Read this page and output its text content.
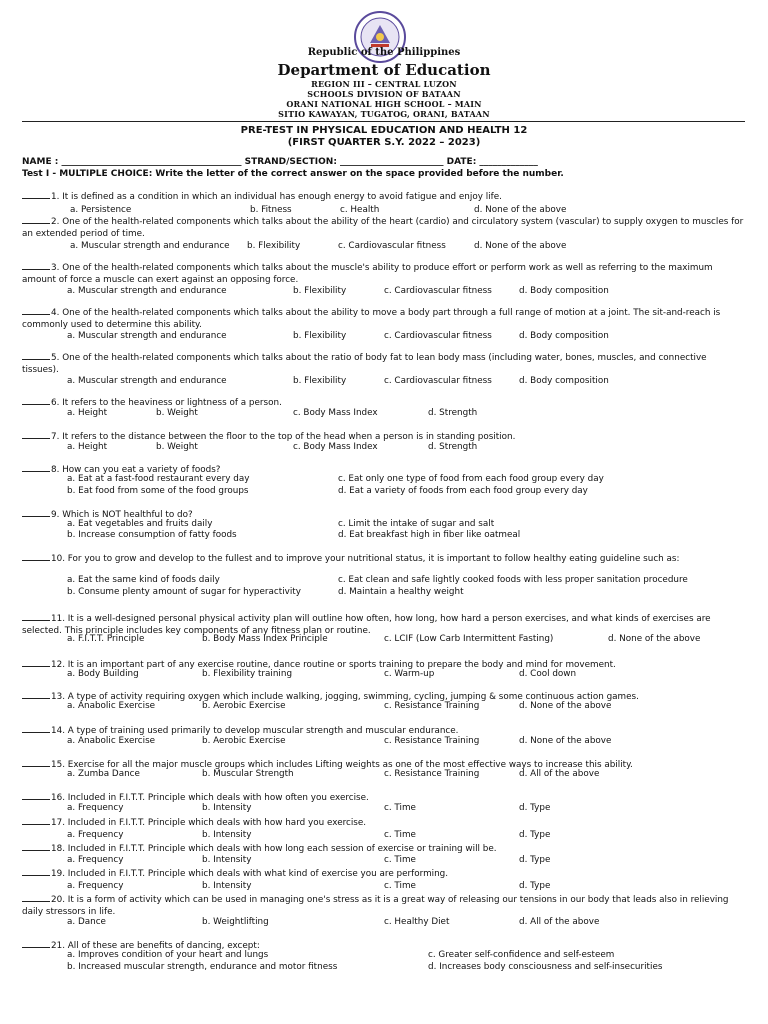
Republic of the Philippines
Department of Education
REGION III – CENTRAL LUZON
SCHOOLS DIVISION OF BATAAN
ORANI NATIONAL HIGH SCHOOL – MAIN
SITIO KAWAYAN, TUGATOG, ORANI, BATAAN
PRE-TEST IN PHYSICAL EDUCATION AND HEALTH 12
(FIRST QUARTER S.Y. 2022 – 2023)
NAME : ________________________________________ STRAND/SECTION: _______________________ DATE: _____________
Test I - MULTIPLE CHOICE: Write the letter of the correct answer on the space provided before the number.
1. It is defined as a condition in which an individual has enough energy to avoid fatigue and enjoy life.
a. Persistence	b. Fitness	c. Health	d. None of the above
2. One of the health-related components which talks about the ability of the heart (cardio) and circulatory system (vascular) to supply oxygen to muscles for an extended period of time.
a. Muscular strength and endurance b. Flexibility	c. Cardiovascular fitness	d. None of the above
3. One of the health-related components which talks about the muscle's ability to produce effort or perform work as well as referring to the maximum amount of force a muscle can exert against an opposing force.
a. Muscular strength and endurance	b. Flexibility	c. Cardiovascular fitness	d. Body composition
4. One of the health-related components which talks about the ability to move a body part through a full range of motion at a joint. The sit-and-reach is commonly used to determine this ability.
a. Muscular strength and endurance	b. Flexibility	c. Cardiovascular fitness	d. Body composition
5. One of the health-related components which talks about the ratio of body fat to lean body mass (including water, bones, muscles, and connective tissues).
a. Muscular strength and endurance	b. Flexibility	c. Cardiovascular fitness	d. Body composition
6. It refers to the heaviness or lightness of a person.
a. Height	b. Weight	c. Body Mass Index	d. Strength
7. It refers to the distance between the floor to the top of the head when a person is in standing position.
a. Height	b. Weight	c. Body Mass Index	d. Strength
8. How can you eat a variety of foods?
a. Eat at a fast-food restaurant every day	c. Eat only one type of food from each food group every day
b. Eat food from some of the food groups	d. Eat a variety of foods from each food group every day
9. Which is NOT healthful to do?
a. Eat vegetables and fruits daily	c. Limit the intake of sugar and salt
b. Increase consumption of fatty foods	d. Eat breakfast high in fiber like oatmeal
10. For you to grow and develop to the fullest and to improve your nutritional status, it is important to follow healthy eating guideline such as:
a. Eat the same kind of foods daily	c. Eat clean and safe lightly cooked foods with less proper sanitation procedure
b. Consume plenty amount of sugar for hyperactivity	d. Maintain a healthy weight
11. It is a well-designed personal physical activity plan will outline how often, how long, how hard a person exercises, and what kinds of exercises are selected. This principle includes key components of any fitness plan or routine.
a. F.I.T.T. Principle	b. Body Mass Index Principle	c. LCIF (Low Carb Intermittent Fasting)	d. None of the above
12. It is an important part of any exercise routine, dance routine or sports training to prepare the body and mind for movement.
a. Body Building	b. Flexibility training	c. Warm-up	d. Cool down
13. A type of activity requiring oxygen which include walking, jogging, swimming, cycling, jumping & some continuous action games.
a. Anabolic Exercise	b. Aerobic Exercise	c. Resistance Training	d. None of the above
14. A type of training used primarily to develop muscular strength and muscular endurance.
a. Anabolic Exercise	b. Aerobic Exercise	c. Resistance Training	d. None of the above
15. Exercise for all the major muscle groups which includes Lifting weights as one of the most effective ways to increase this ability.
a. Zumba Dance	b. Muscular Strength	c. Resistance Training	d. All of the above
16. Included in F.I.T.T. Principle which deals with how often you exercise.
a. Frequency	b. Intensity	c. Time	d. Type
17. Included in F.I.T.T. Principle which deals with how hard you exercise.
a. Frequency	b. Intensity	c. Time	d. Type
18. Included in F.I.T.T. Principle which deals with how long each session of exercise or training will be.
a. Frequency	b. Intensity	c. Time	d. Type
19. Included in F.I.T.T. Principle which deals with what kind of exercise you are performing.
a. Frequency	b. Intensity	c. Time	d. Type
20. It is a form of activity which can be used in managing one's stress as it is a great way of releasing our tensions in our body that leads also in relieving daily stressors in life.
a. Dance	b. Weightlifting	c. Healthy Diet	d. All of the above
21. All of these are benefits of dancing, except:
a. Improves condition of your heart and lungs	c. Greater self-confidence and self-esteem
b. Increased muscular strength, endurance and motor fitness	d. Increases body consciousness and self-insecurities
